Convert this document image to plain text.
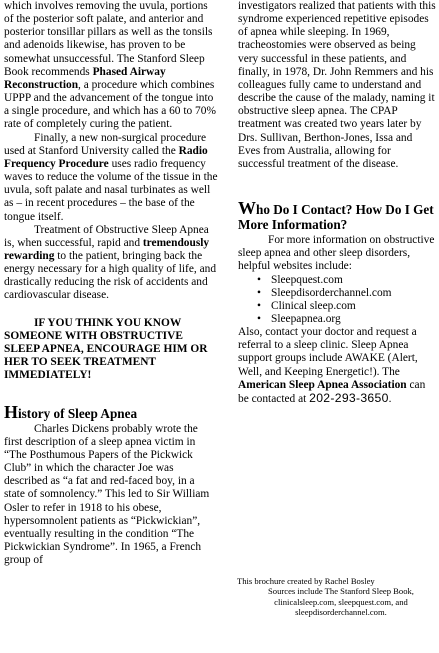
which involves removing the uvula, portions of the posterior soft palate, and anterior and posterior tonsillar pillars as well as the tonsils and adenoids likewise, has proven to be somewhat unsuccessful. The Stanford Sleep Book recommends Phased Airway Reconstruction, a procedure which combines UPPP and the advancement of the tongue into a single procedure, and which has a 60 to 70% rate of completely curing the patient.

Finally, a new non-surgical procedure used at Stanford University called the Radio Frequency Procedure uses radio frequency waves to reduce the volume of the tissue in the uvula, soft palate and nasal turbinates as well as – in recent procedures – the base of the tongue itself.

Treatment of Obstructive Sleep Apnea is, when successful, rapid and tremendously rewarding to the patient, bringing back the energy necessary for a high quality of life, and drastically reducing the risk of accidents and cardiovascular disease.

IF YOU THINK YOU KNOW SOMEONE WITH OBSTRUCTIVE SLEEP APNEA, ENCOURAGE HIM OR HER TO SEEK TREATMENT IMMEDIATELY!

History of Sleep Apnea

Charles Dickens probably wrote the first description of a sleep apnea victim in “The Posthumous Papers of the Pickwick Club” in which the character Joe was described as “a fat and red-faced boy, in a state of somnolency.” This led to Sir William Osler to refer in 1918 to his obese, hypersomnolent patients as “Pickwickian”, eventually resulting in the condition “The Pickwickian Syndrome”. In 1965, a French group of

investigators realized that patients with this syndrome experienced repetitive episodes of apnea while sleeping. In 1969, tracheostomies were observed as being very successful in these patients, and finally, in 1978, Dr. John Remmers and his colleagues fully came to understand and describe the cause of the malady, naming it obstructive sleep apnea. The CPAP treatment was created two years later by Drs. Sullivan, Berthon-Jones, Issa and Eves from Australia, allowing for successful treatment of the disease.

Who Do I Contact? How Do I Get More Information?

For more information on obstructive sleep apnea and other sleep disorders, helpful websites include:

• Sleepquest.com
• Sleepdisorderchannel.com
• Clinical sleep.com
• Sleepapnea.org

Also, contact your doctor and request a referral to a sleep clinic. Sleep Apnea support groups include AWAKE (Alert, Well, and Keeping Energetic!). The American Sleep Apnea Association can be contacted at 202-293-3650.

This brochure created by Rachel Bosley
Sources include The Stanford Sleep Book, clinicalsleep.com, sleepquest.com, and sleepdisorderchannel.com.
